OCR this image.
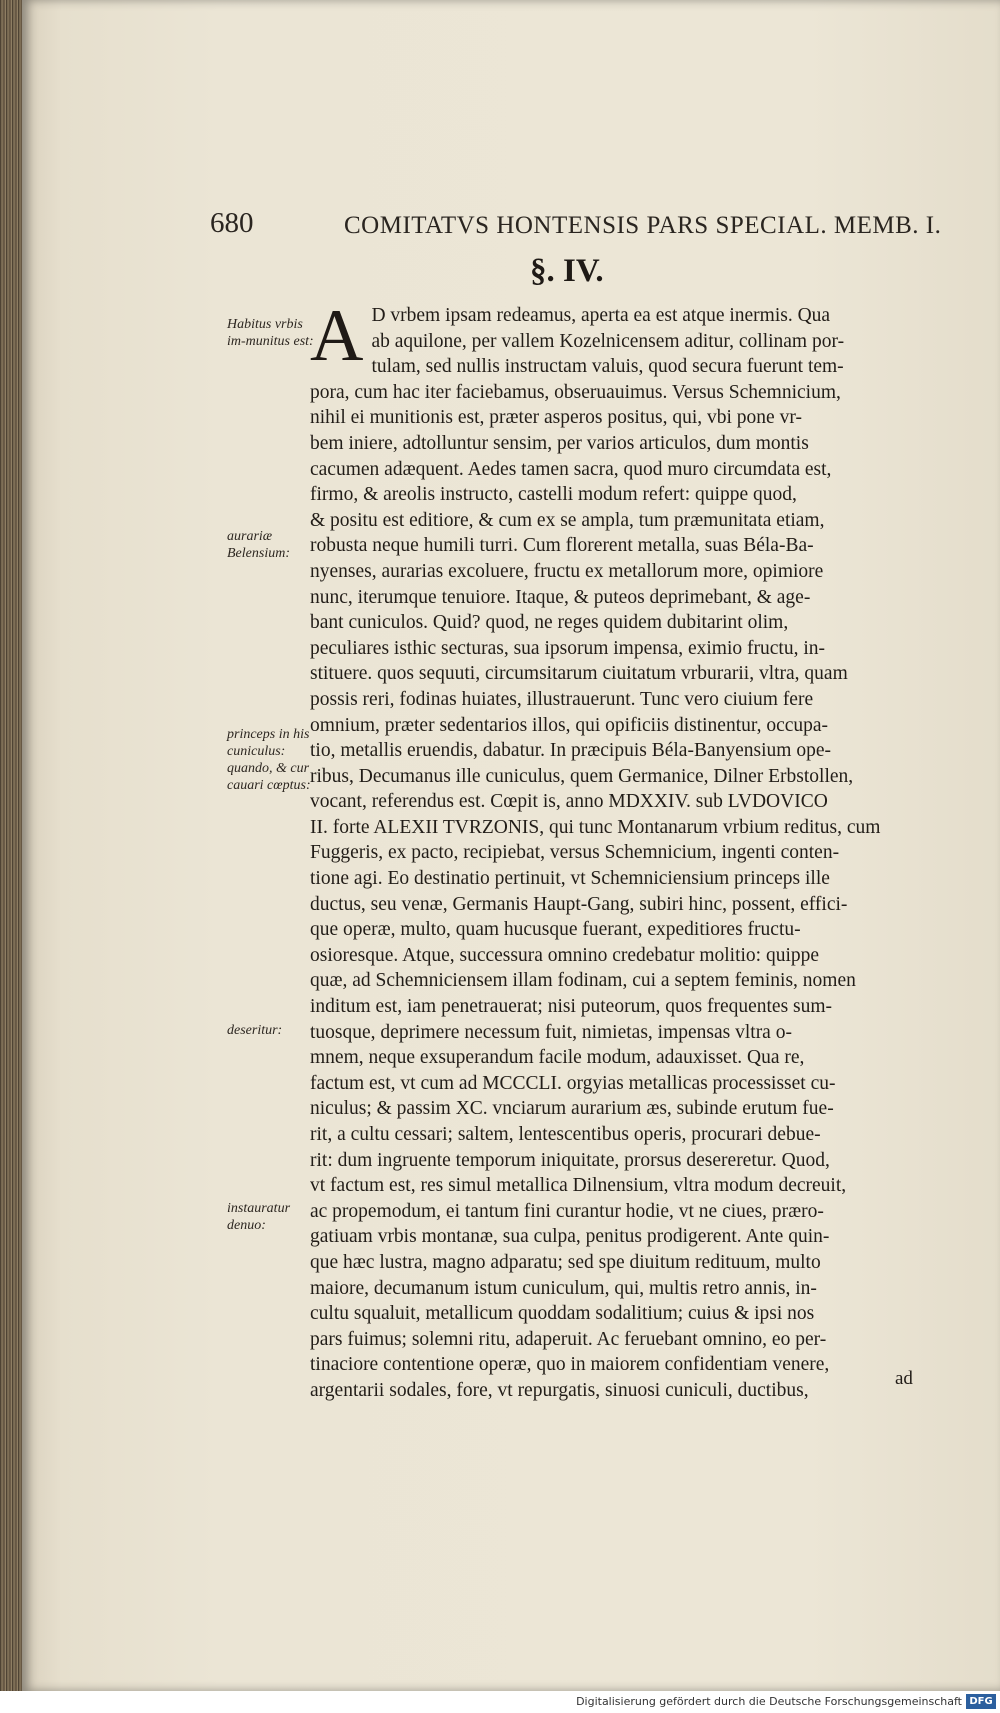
COMITATVS HONTENSIS PARS SPECIAL. MEMB. I.
680
§. IV.
Habitus vrbis im-munitus est:
aurariæ Belensium:
princeps in his cuniculus: quando, & cur cauari cœptus:
deseritur:
instauratur denuo:
A D vrbem ipsam redeamus, aperta ea est atque inermis. Qua
ab aquilone, per vallem Kozelnicensem aditur, collinam por-
tulam, sed nullis instructam valuis, quod secura fuerunt tem-
pora, cum hac iter faciebamus, obseruauimus. Versus Schemnicium,
nihil ei munitionis est, præter asperos positus, qui, vbi pone vr-
bem iniere, adtolluntur sensim, per varios articulos, dum montis
cacumen adæquent. Aedes tamen sacra, quod muro circumdata est,
firmo, & areolis instructo, castelli modum refert: quippe quod,
& positu est editiore, & cum ex se ampla, tum præmunitata etiam,
robusta neque humili turri. Cum florerent metalla, suas Béla-Ba-
nyenses, aurarias excoluere, fructu ex metallorum more, opimiore
nunc, iterumque tenuiore. Itaque, & puteos deprimebant, & age-
bant cuniculos. Quid? quod, ne reges quidem dubitarint olim,
peculiares isthic secturas, sua ipsorum impensa, eximio fructu, in-
stituere. quos sequuti, circumsitarum ciuitatum vrburarii, vltra, quam
possis reri, fodinas huiates, illustrauerunt. Tunc vero ciuium fere
omnium, præter sedentarios illos, qui opificiis distinentur, occupa-
tio, metallis eruendis, dabatur. In præcipuis Béla-Banyensium ope-
ribus, Decumanus ille cuniculus, quem Germanice, Dilner Erbstollen,
vocant, referendus est. Cœpit is, anno MDXXIV. sub LVDOVICO
II. forte ALEXII TVRZONIS, qui tunc Montanarum vrbium reditus, cum
Fuggeris, ex pacto, recipiebat, versus Schemnicium, ingenti conten-
tione agi. Eo destinatio pertinuit, vt Schemniciensium princeps ille
ductus, seu venæ, Germanis Haupt-Gang, subiri hinc, possent, effici-
que operæ, multo, quam hucusque fuerant, expeditiores fructu-
osioresque. Atque, successura omnino credebatur molitio: quippe
quæ, ad Schemniciensem illam fodinam, cui a septem feminis, nomen
inditum est, iam penetrauerat; nisi puteorum, quos frequentes sum-
tuosque, deprimere necessum fuit, nimietas, impensas vltra o-
mnem, neque exsuperandum facile modum, adauxisset. Qua re,
factum est, vt cum ad MCCCLI. orgyias metallicas processisset cu-
niculus; & passim XC. vnciarum aurarium æs, subinde erutum fue-
rit, a cultu cessari; saltem, lentescentibus operis, procurari debue-
rit: dum ingruente temporum iniquitate, prorsus desereretur. Quod,
vt factum est, res simul metallica Dilnensium, vltra modum decreuit,
ac propemodum, ei tantum fini curantur hodie, vt ne ciues, præro-
gatiuam vrbis montanæ, sua culpa, penitus prodigerent. Ante quin-
que hæc lustra, magno adparatu; sed spe diuitum redituum, multo
maiore, decumanum istum cuniculum, qui, multis retro annis, in-
cultu squaluit, metallicum quoddam sodalitium; cuius & ipsi nos
pars fuimus; solemni ritu, adaperuit. Ac feruebant omnino, eo per-
tinaciore contentione operæ, quo in maiorem confidentiam venere,
argentarii sodales, fore, vt repurgatis, sinuosi cuniculi, ductibus,
ad
Digitalisierung gefördert durch die Deutsche Forschungsgemeinschaft DFG
